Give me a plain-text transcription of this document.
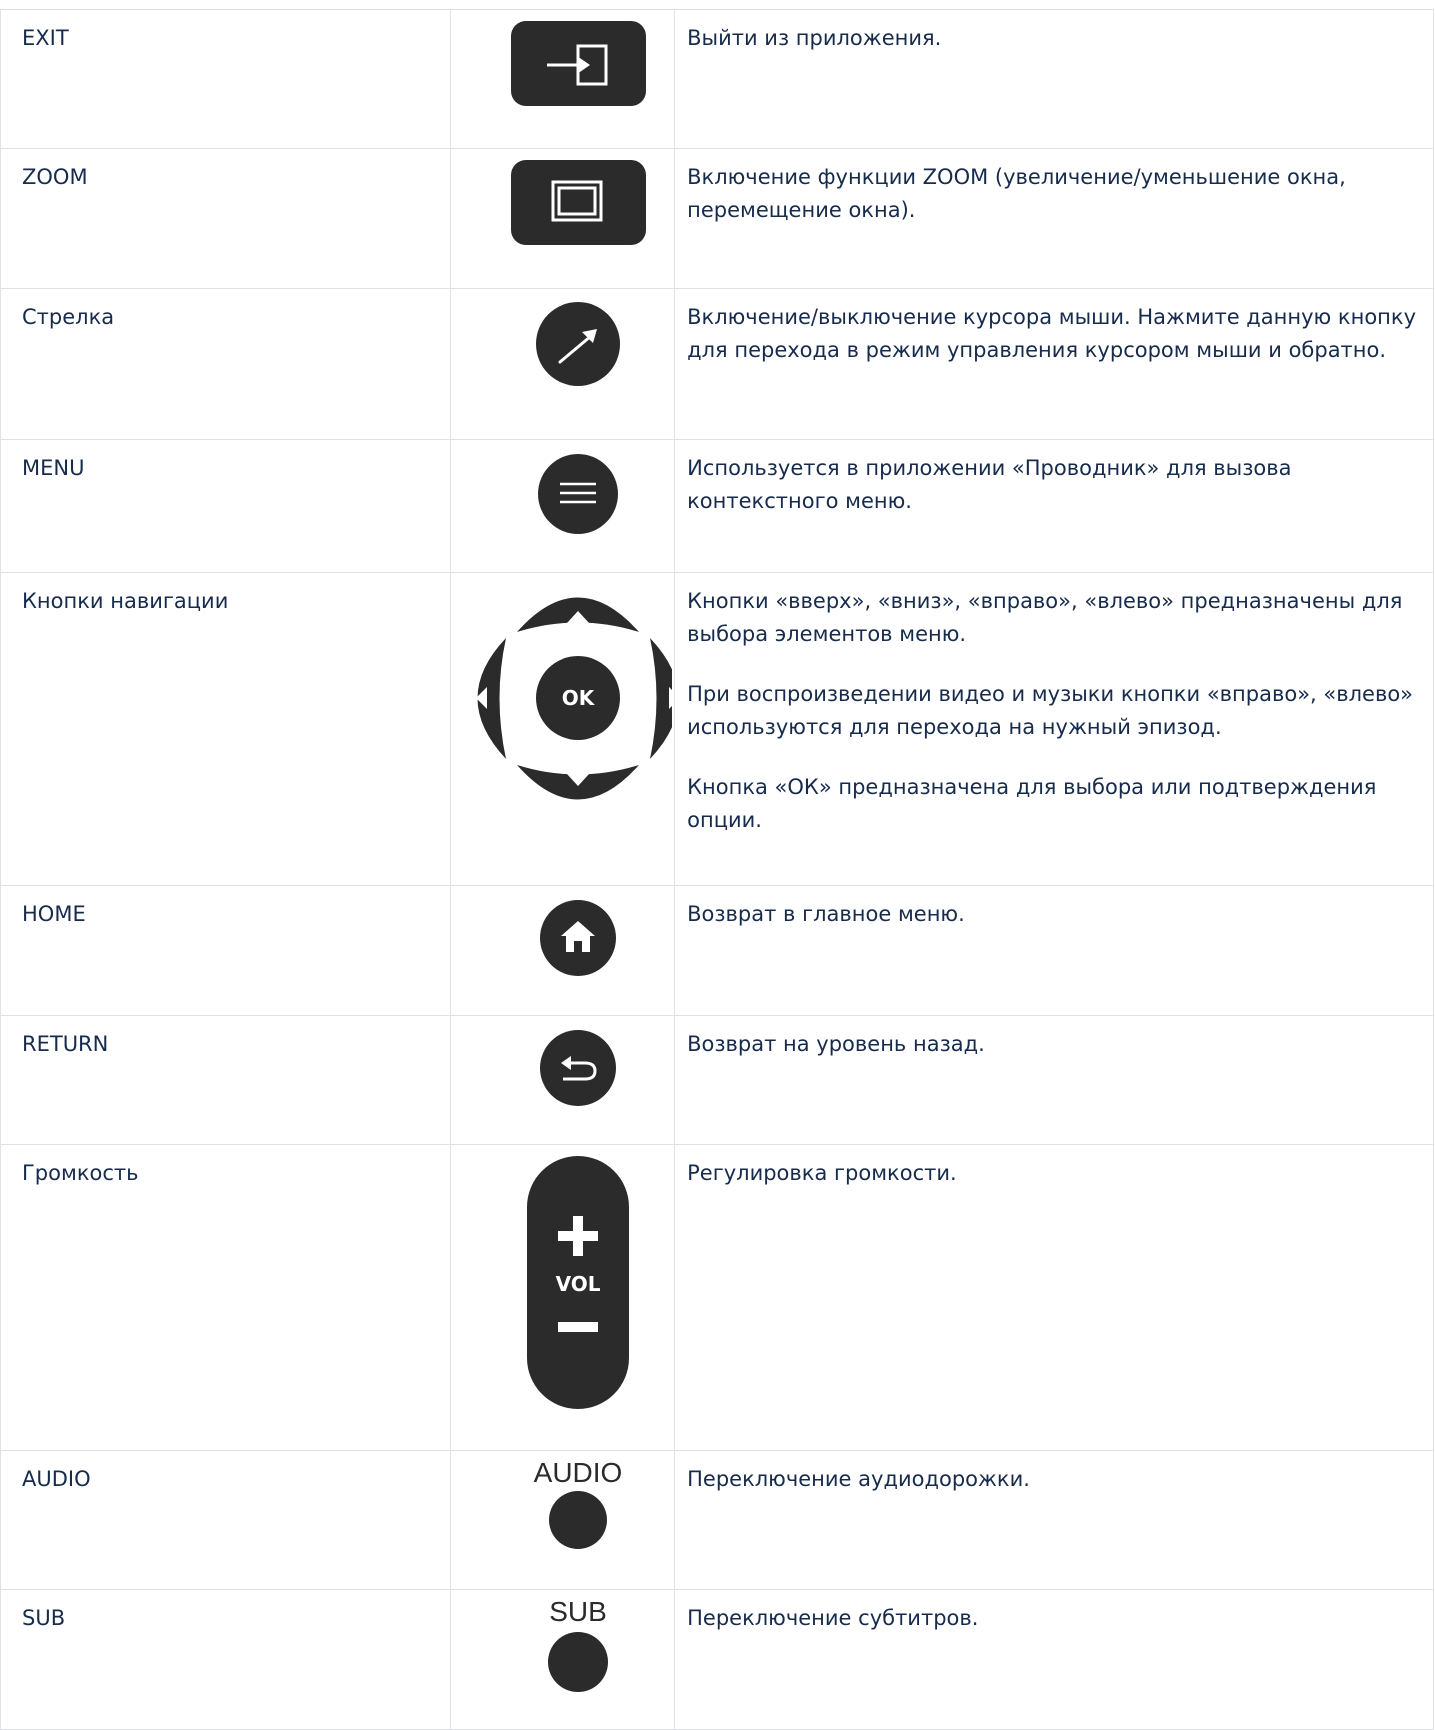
EXIT		Выйти из приложения.

ZOOM		Включение функции ZOOM (увеличение/уменьшение окна, перемещение окна).

Стрелка		Включение/выключение курсора мыши. Нажмите данную кнопку для перехода в режим управления курсором мыши и обратно.

MENU		Используется в приложении «Проводник» для вызова контекстного меню.

Кнопки навигации	OK	Кнопки «вверх», «вниз», «вправо», «влево» предназначены для выбора элементов меню.

При воспроизведении видео и музыки кнопки «вправо», «влево» используются для перехода на нужный эпизод.

Кнопка «ОК» предназначена для выбора или подтверждения опции.

HOME		Возврат в главное меню.

RETURN		Возврат на уровень назад.

Громкость	VOL	Регулировка громкости.

AUDIO	AUDIO	Переключение аудиодорожки.

SUB	SUB	Переключение субтитров.
